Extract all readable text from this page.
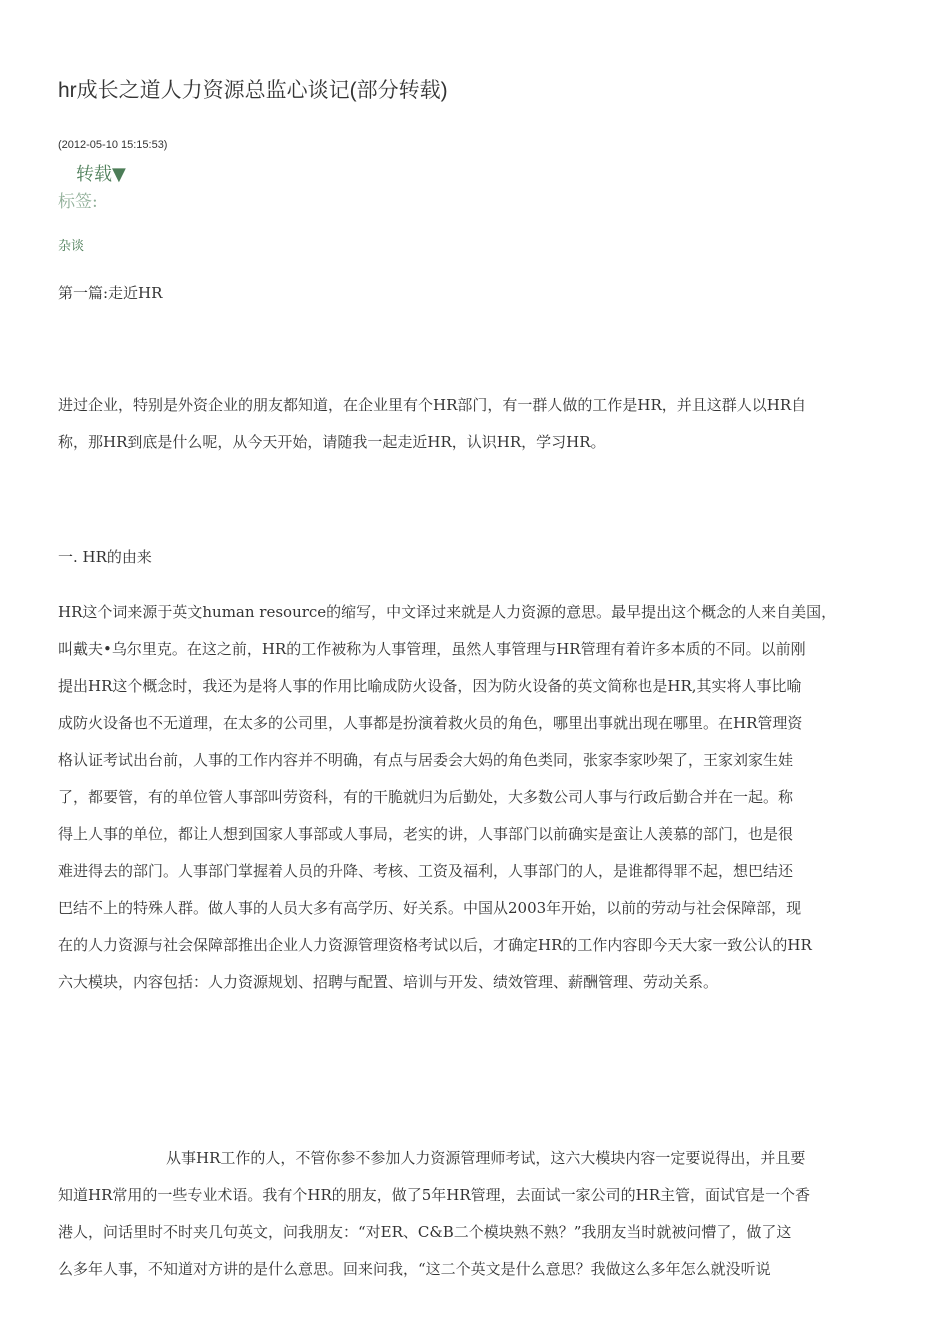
hr成长之道人力资源总监心谈记(部分转载)
(2012-05-10 15:15:53)
转载▼
标签:
杂谈
第一篇:走近HR
进过企业，特别是外资企业的朋友都知道，在企业里有个HR部门，有一群人做的工作是HR，并且这群人以HR自
称，那HR到底是什么呢，从今天开始，请随我一起走近HR，认识HR，学习HR。
一. HR的由来
HR这个词来源于英文human resource的缩写，中文译过来就是人力资源的意思。最早提出这个概念的人来自美国，
叫戴夫•乌尔里克。在这之前，HR的工作被称为人事管理，虽然人事管理与HR管理有着许多本质的不同。以前刚
提出HR这个概念时，我还为是将人事的作用比喻成防火设备，因为防火设备的英文简称也是HR,其实将人事比喻
成防火设备也不无道理，在太多的公司里，人事都是扮演着救火员的角色，哪里出事就出现在哪里。在HR管理资
格认证考试出台前，人事的工作内容并不明确，有点与居委会大妈的角色类同，张家李家吵架了，王家刘家生娃
了，都要管，有的单位管人事部叫劳资科，有的干脆就归为后勤处，大多数公司人事与行政后勤合并在一起。称
得上人事的单位，都让人想到国家人事部或人事局，老实的讲，人事部门以前确实是蛮让人羡慕的部门，也是很
难进得去的部门。人事部门掌握着人员的升降、考核、工资及福利，人事部门的人，是谁都得罪不起，想巴结还
巴结不上的特殊人群。做人事的人员大多有高学历、好关系。中国从2003年开始，以前的劳动与社会保障部，现
在的人力资源与社会保障部推出企业人力资源管理资格考试以后，才确定HR的工作内容即今天大家一致公认的HR
六大模块，内容包括：人力资源规划、招聘与配置、培训与开发、绩效管理、薪酬管理、劳动关系。
从事HR工作的人，不管你参不参加人力资源管理师考试，这六大模块内容一定要说得出，并且要
知道HR常用的一些专业术语。我有个HR的朋友，做了5年HR管理，去面试一家公司的HR主管，面试官是一个香
港人，问话里时不时夹几句英文，问我朋友：“对ER、C&B二个模块熟不熟？”我朋友当时就被问懵了，做了这
么多年人事，不知道对方讲的是什么意思。回来问我，“这二个英文是什么意思？我做这么多年怎么就没听说
